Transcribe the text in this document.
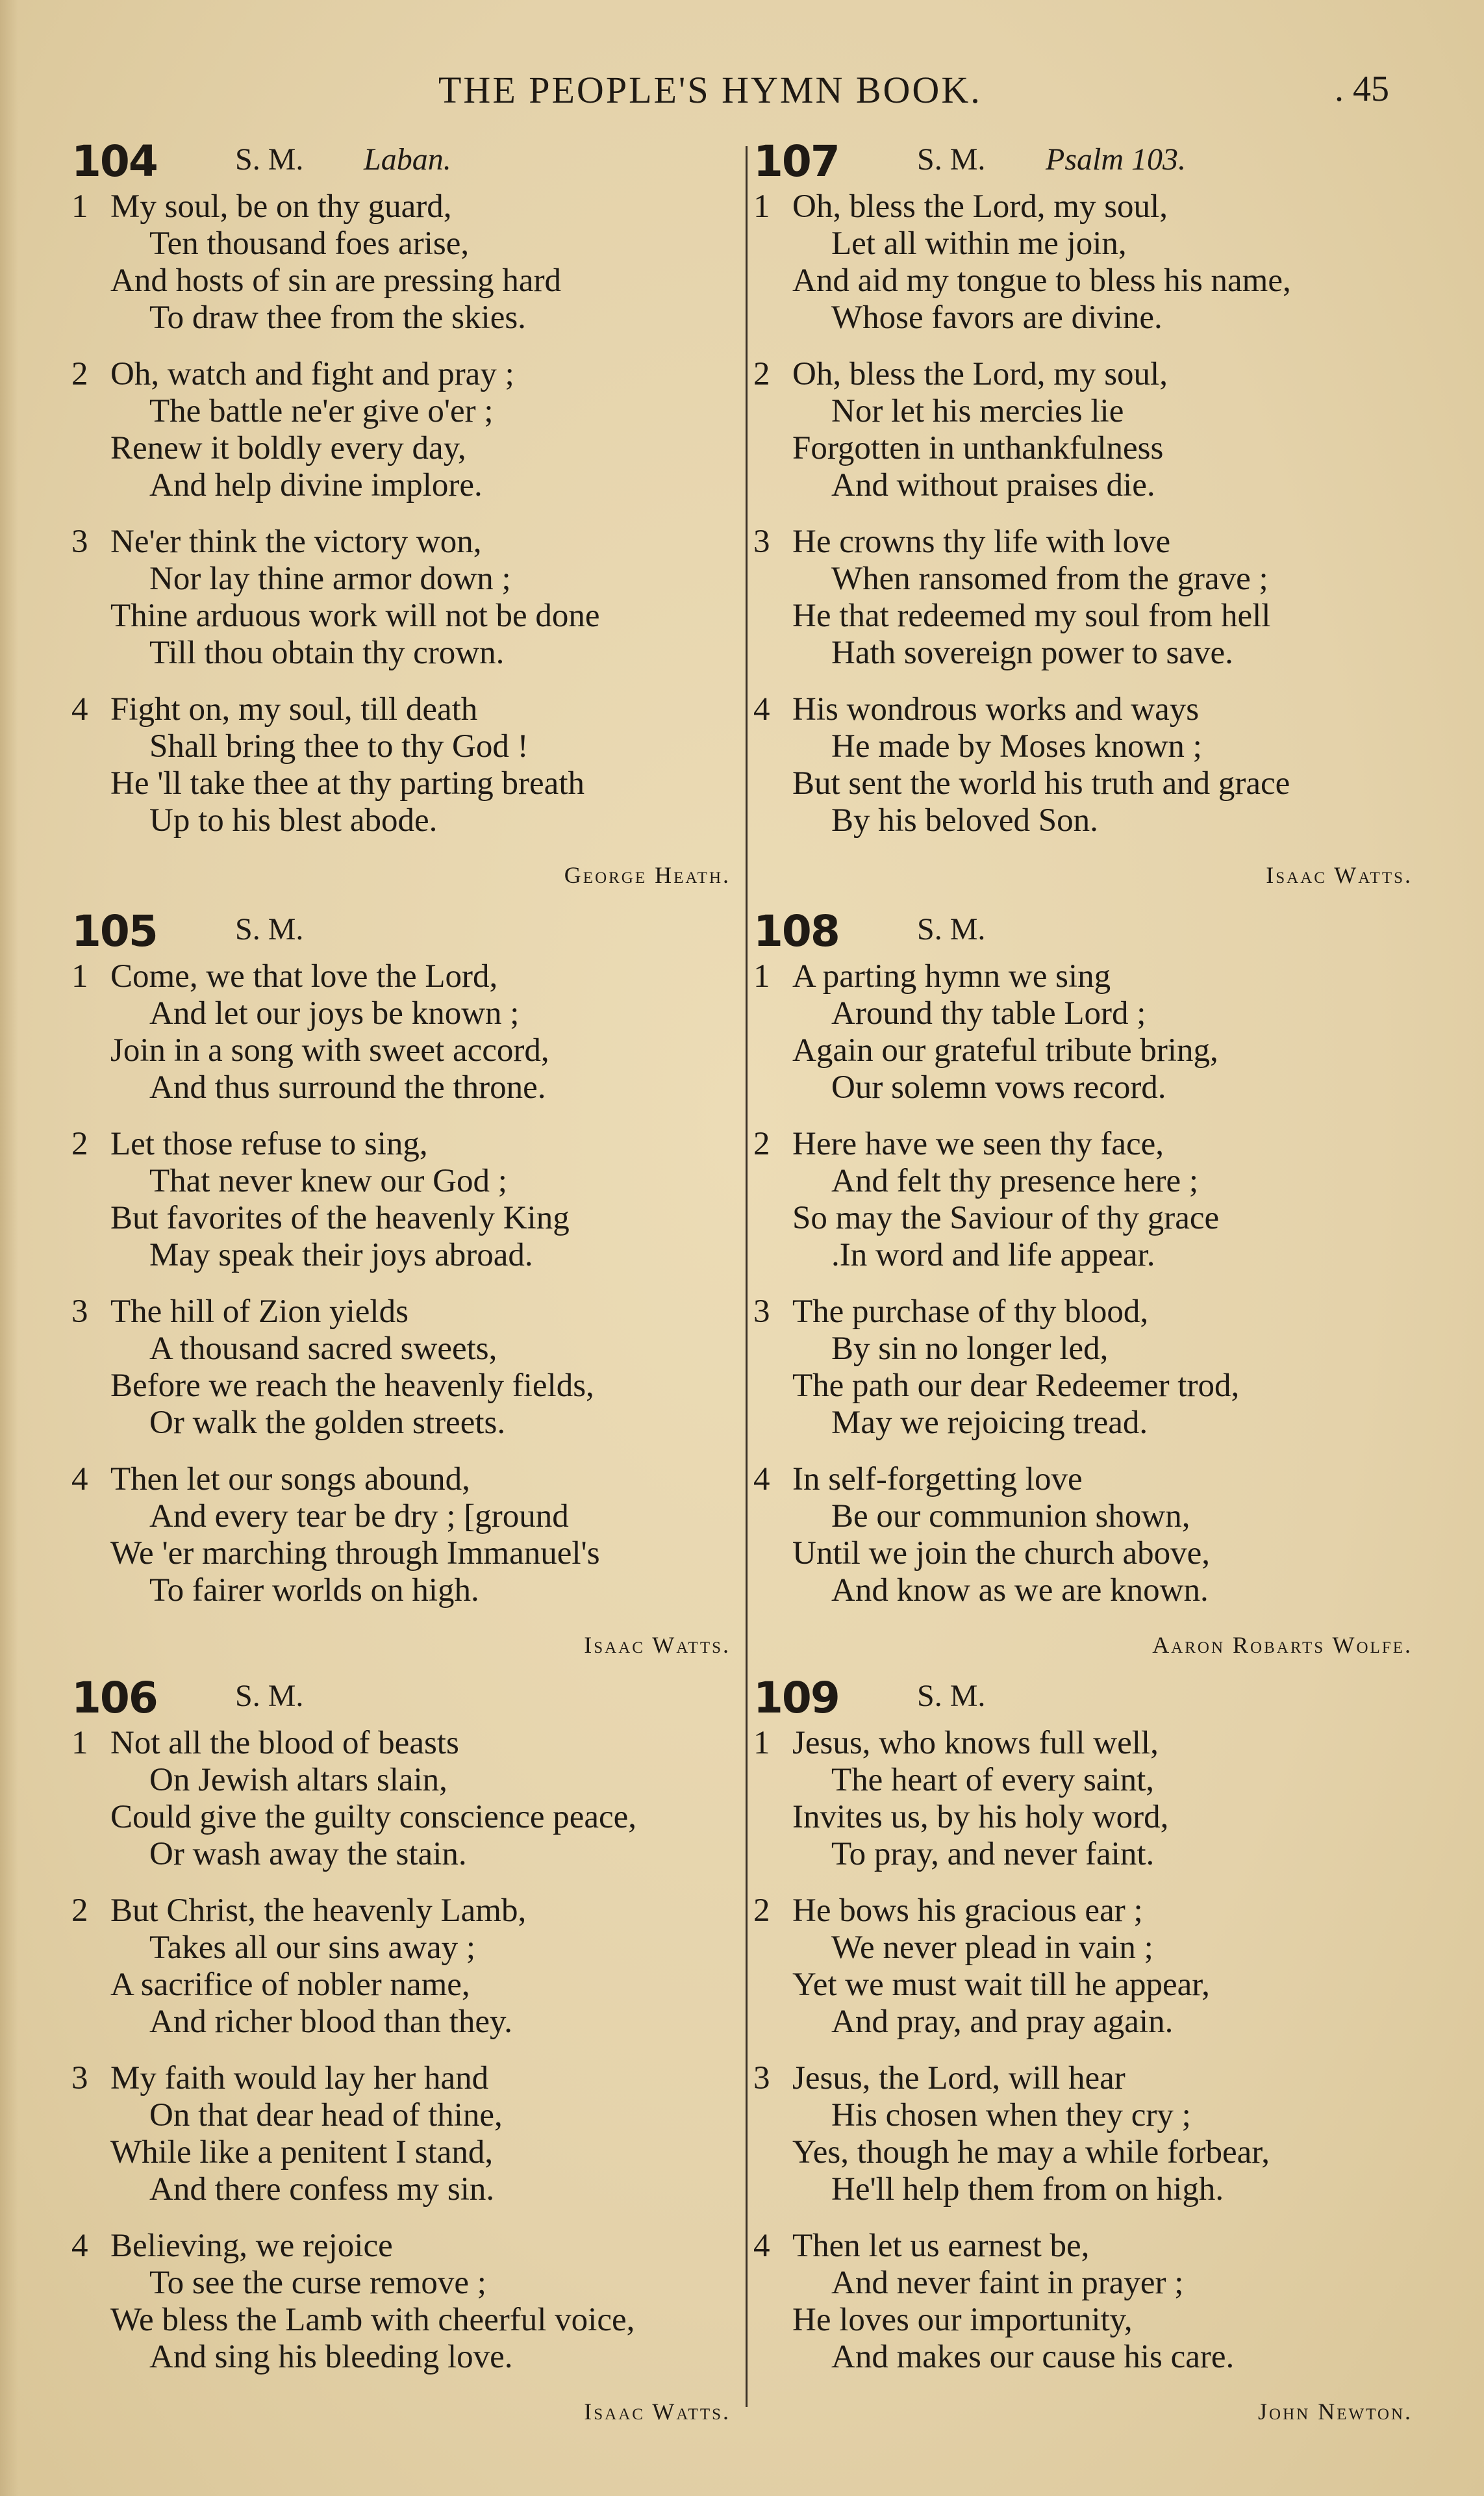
THE PEOPLE'S HYMN BOOK.	. 45
104	S. M. Laban.
1 My soul, be on thy guard,
Ten thousand foes arise,
And hosts of sin are pressing hard
To draw thee from the skies.
2 Oh, watch and fight and pray ;
The battle ne'er give o'er ;
Renew it boldly every day,
And help divine implore.
3 Ne'er think the victory won,
Nor lay thine armor down ;
Thine arduous work will not be done
Till thou obtain thy crown.
4 Fight on, my soul, till death
Shall bring thee to thy God !
He 'll take thee at thy parting breath
Up to his blest abode.
George Heath.
105	S. M.
1 Come, we that love the Lord,
And let our joys be known ;
Join in a song with sweet accord,
And thus surround the throne.
2 Let those refuse to sing,
That never knew our God ;
But favorites of the heavenly King
May speak their joys abroad.
3 The hill of Zion yields
A thousand sacred sweets,
Before we reach the heavenly fields,
Or walk the golden streets.
4 Then let our songs abound,
And every tear be dry ; [ground
We 'er marching through Immanuel's
To fairer worlds on high.
Isaac Watts.
106	S. M.
1 Not all the blood of beasts
On Jewish altars slain,
Could give the guilty conscience peace,
Or wash away the stain.
2 But Christ, the heavenly Lamb,
Takes all our sins away ;
A sacrifice of nobler name,
And richer blood than they.
3 My faith would lay her hand
On that dear head of thine,
While like a penitent I stand,
And there confess my sin.
4 Believing, we rejoice
To see the curse remove ;
We bless the Lamb with cheerful voice,
And sing his bleeding love.
Isaac Watts.
107	S. M. Psalm 103.
1 Oh, bless the Lord, my soul,
Let all within me join,
And aid my tongue to bless his name,
Whose favors are divine.
2 Oh, bless the Lord, my soul,
Nor let his mercies lie
Forgotten in unthankfulness
And without praises die.
3 He crowns thy life with love
When ransomed from the grave ;
He that redeemed my soul from hell
Hath sovereign power to save.
4 His wondrous works and ways
He made by Moses known ;
But sent the world his truth and grace
By his beloved Son.
Isaac Watts.
108	S. M.
1 A parting hymn we sing
Around thy table Lord ;
Again our grateful tribute bring,
Our solemn vows record.
2 Here have we seen thy face,
And felt thy presence here ;
So may the Saviour of thy grace
.In word and life appear.
3 The purchase of thy blood,
By sin no longer led,
The path our dear Redeemer trod,
May we rejoicing tread.
4 In self-forgetting love
Be our communion shown,
Until we join the church above,
And know as we are known.
Aaron Robarts Wolfe.
109	S. M.
1 Jesus, who knows full well,
The heart of every saint,
Invites us, by his holy word,
To pray, and never faint.
2 He bows his gracious ear ;
We never plead in vain ;
Yet we must wait till he appear,
And pray, and pray again.
3 Jesus, the Lord, will hear
His chosen when they cry ;
Yes, though he may a while forbear,
He'll help them from on high.
4 Then let us earnest be,
And never faint in prayer ;
He loves our importunity,
And makes our cause his care.
John Newton.
